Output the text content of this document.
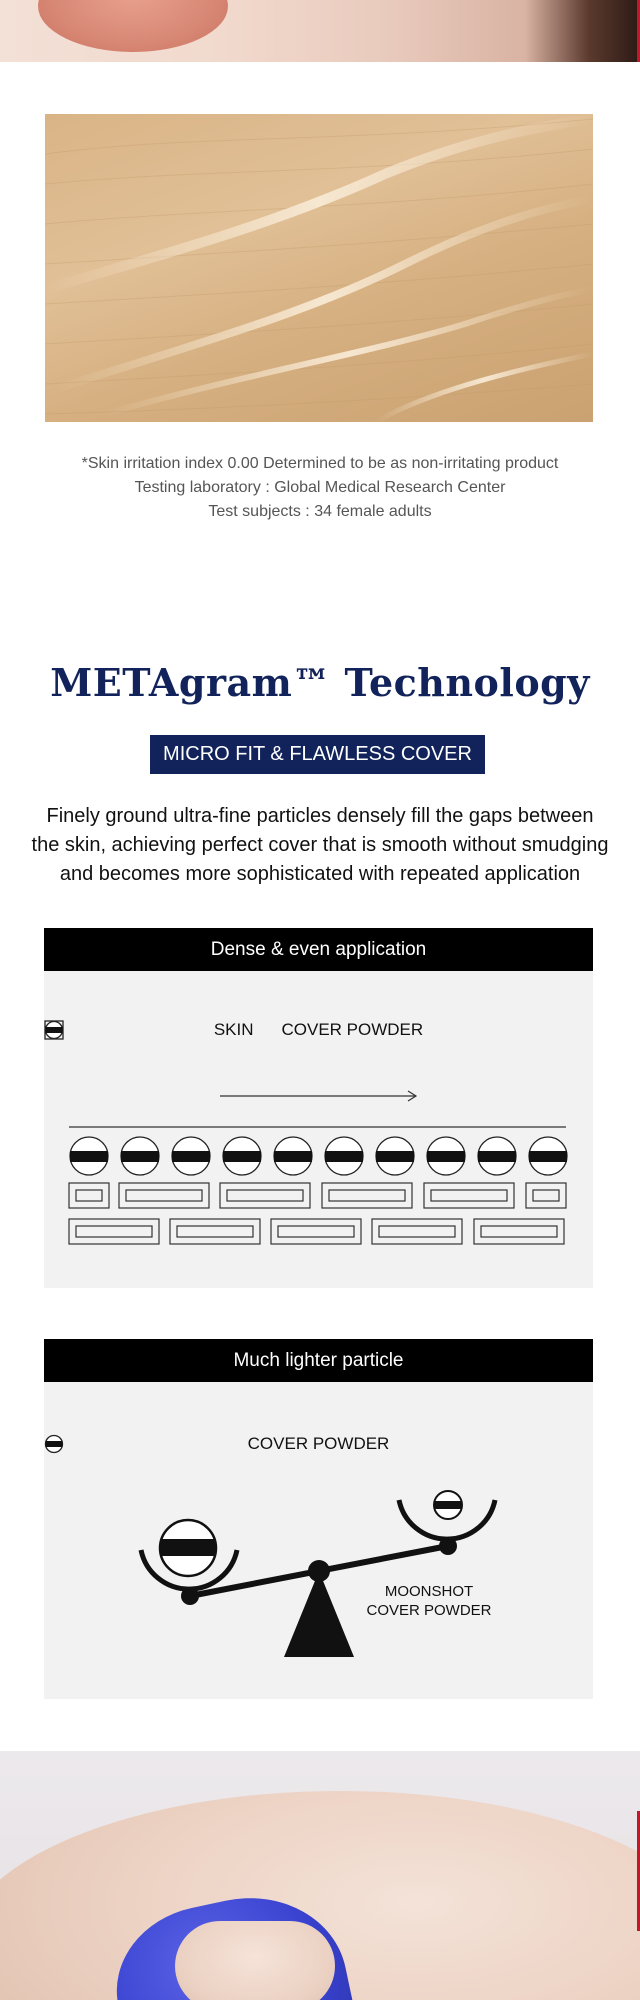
*Skin irritation index 0.00 Determined to be as non-irritating product
Testing laboratory : Global Medical Research Center
Test subjects : 34 female adults
METAgram™ Technology
MICRO FIT & FLAWLESS COVER
Finely ground ultra-fine particles densely fill the gaps between
the skin, achieving perfect cover that is smooth without smudging
and becomes more sophisticated with repeated application
Dense & even application
SKIN COVER POWDER
Much lighter particle
COVER POWDER
MOONSHOT
COVER POWDER
